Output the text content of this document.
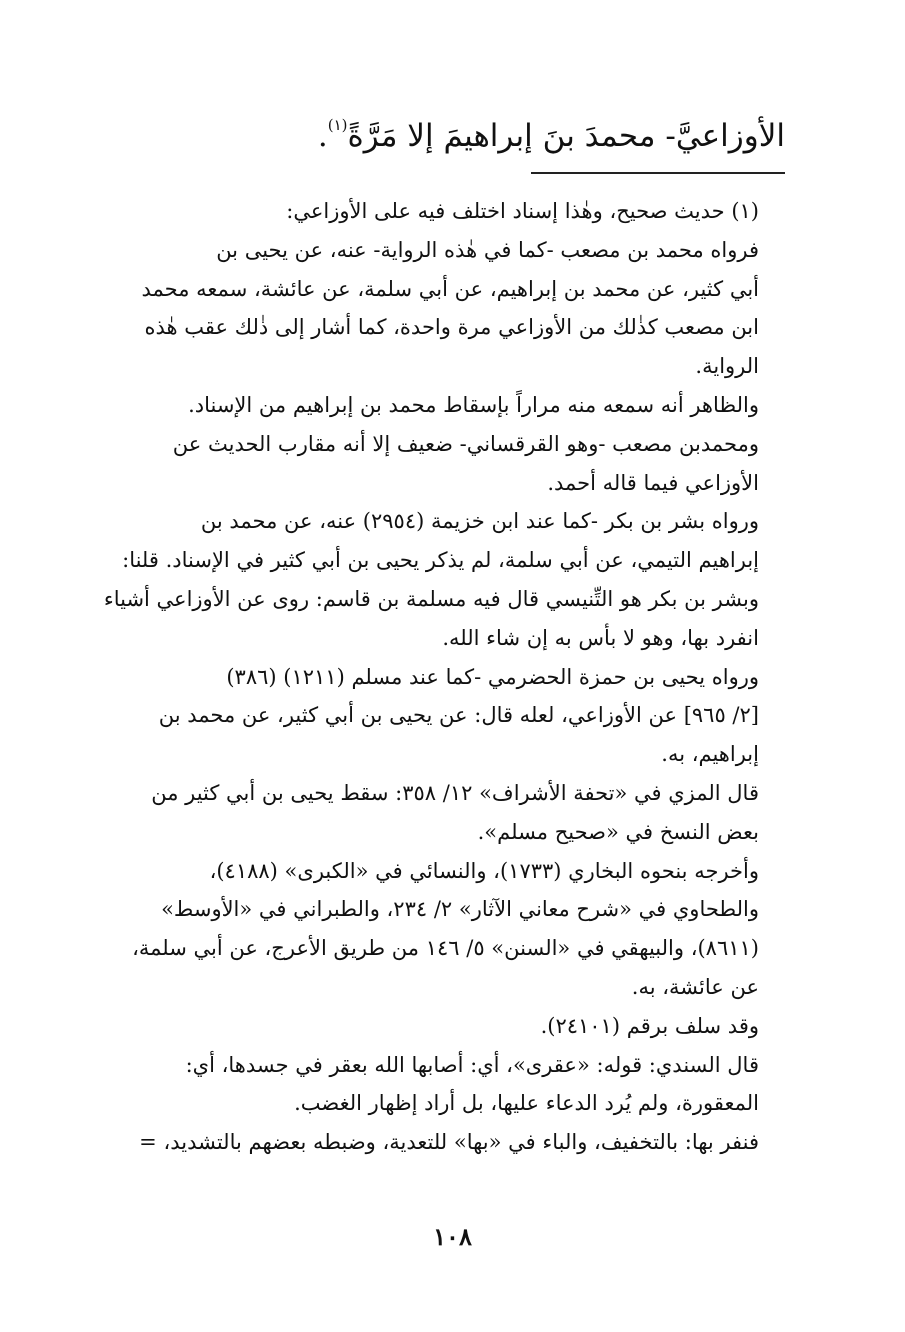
الأوزاعيَّ- محمدَ بنَ إبراهيمَ إلا مَرَّةً$^{(١)}$.

(١) حديث صحيح، وهٰذا إسناد اختلف فيه على الأوزاعي:

فرواه محمد بن مصعب -كما في هٰذه الرواية- عنه، عن يحيى بن
أبي كثير، عن محمد بن إبراهيم، عن أبي سلمة، عن عائشة، سمعه محمد
ابن مصعب كذٰلك من الأوزاعي مرة واحدة، كما أشار إلى ذٰلك عقب هٰذه
الرواية.

والظاهر أنه سمعه منه مراراً بإسقاط محمد بن إبراهيم من الإسناد.
ومحمدبن مصعب -وهو القرقساني- ضعيف إلا أنه مقارب الحديث عن
الأوزاعي فيما قاله أحمد.

ورواه بشر بن بكر -كما عند ابن خزيمة (٢٩٥٤) عنه، عن محمد بن
إبراهيم التيمي، عن أبي سلمة، لم يذكر يحيى بن أبي كثير في الإسناد. قلنا:
وبشر بن بكر هو التِّنيسي قال فيه مسلمة بن قاسم: روى عن الأوزاعي أشياء
انفرد بها، وهو لا بأس به إن شاء الله.

ورواه يحيى بن حمزة الحضرمي -كما عند مسلم (١٢١١) (٣٨٦)
[٢/ ٩٦٥] عن الأوزاعي، لعله قال: عن يحيى بن أبي كثير، عن محمد بن
إبراهيم، به.

قال المزي في «تحفة الأشراف» ١٢/ ٣٥٨: سقط يحيى بن أبي كثير من
بعض النسخ في «صحيح مسلم».

وأخرجه بنحوه البخاري (١٧٣٣)، والنسائي في «الكبرى» (٤١٨٨)،
والطحاوي في «شرح معاني الآثار» ٢/ ٢٣٤، والطبراني في «الأوسط»
(٨٦١١)، والبيهقي في «السنن» ٥/ ١٤٦ من طريق الأعرج، عن أبي سلمة،
عن عائشة، به.

وقد سلف برقم (٢٤١٠١).

قال السندي: قوله: «عقرى»، أي: أصابها الله بعقر في جسدها، أي:
المعقورة، ولم يُرد الدعاء عليها، بل أراد إظهار الغضب.

فنفر بها: بالتخفيف، والباء في «بها» للتعدية، وضبطه بعضهم بالتشديد، =

١٠٨
